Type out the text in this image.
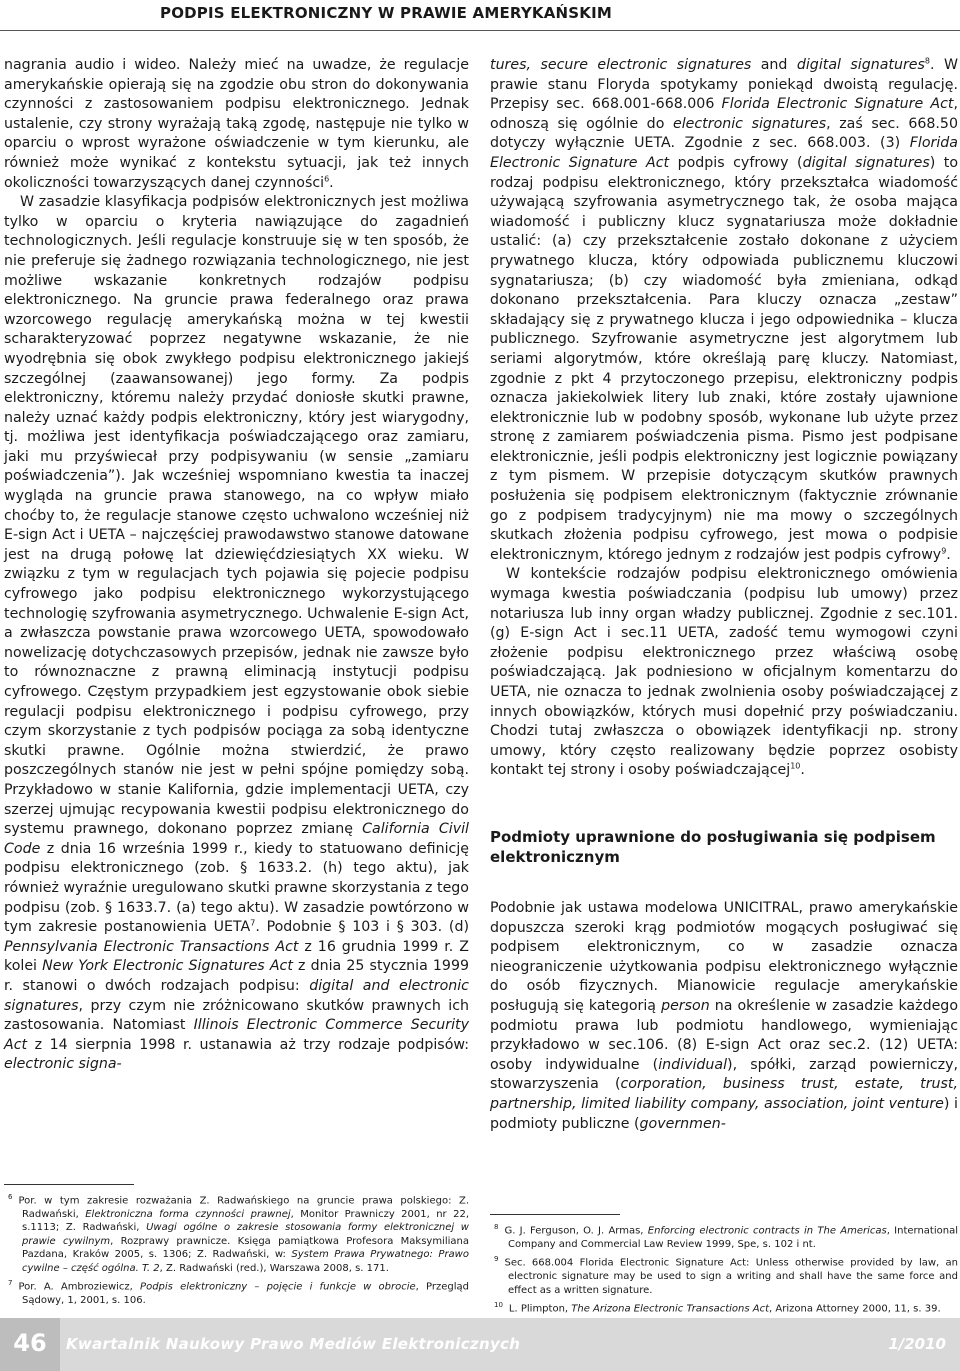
PODPIS ELEKTRONICZNY W PRAWIE AMERYKAŃSKIM

nagrania audio i wideo. Należy mieć na uwadze, że regulacje amerykańskie opierają się na zgodzie obu stron do dokonywania czynności z zastosowaniem podpisu elektronicznego. Jednak ustalenie, czy strony wyrażają taką zgodę, następuje nie tylko w oparciu o wprost wyrażone oświadczenie w tym kierunku, ale również może wynikać z kontekstu sytuacji, jak też innych okoliczności towarzyszących danej czynności$^6$.

W zasadzie klasyfikacja podpisów elektronicznych jest możliwa tylko w oparciu o kryteria nawiązujące do zagadnień technologicznych. Jeśli regulacje konstruuje się w ten sposób, że nie preferuje się żadnego rozwiązania technologicznego, nie jest możliwe wskazanie konkretnych rodzajów podpisu elektronicznego. Na gruncie prawa federalnego oraz prawa wzorcowego regulację amerykańską można w tej kwestii scharakteryzować poprzez negatywne wskazanie, że nie wyodrębnia się obok zwykłego podpisu elektronicznego jakiejś szczególnej (zaawansowanej) jego formy. Za podpis elektroniczny, któremu należy przydać doniosłe skutki prawne, należy uznać każdy podpis elektroniczny, który jest wiarygodny, tj. możliwa jest identyfikacja poświadczającego oraz zamiaru, jaki mu przyświecał przy podpisywaniu (w sensie „zamiaru poświadczenia”). Jak wcześniej wspomniano kwestia ta inaczej wygląda na gruncie prawa stanowego, na co wpływ miało choćby to, że regulacje stanowe często uchwalono wcześniej niż E-sign Act i UETA – najczęściej prawodawstwo stanowe datowane jest na drugą połowę lat dziewięćdziesiątych XX wieku. W związku z tym w regulacjach tych pojawia się pojecie podpisu cyfrowego jako podpisu elektronicznego wykorzystującego technologię szyfrowania asymetrycznego. Uchwalenie E-sign Act, a zwłaszcza powstanie prawa wzorcowego UETA, spowodowało nowelizację dotychczasowych przepisów, jednak nie zawsze było to równoznaczne z prawną eliminacją instytucji podpisu cyfrowego. Częstym przypadkiem jest egzystowanie obok siebie regulacji podpisu elektronicznego i podpisu cyfrowego, przy czym skorzystanie z tych podpisów pociąga za sobą identyczne skutki prawne. Ogólnie można stwierdzić, że prawo poszczególnych stanów nie jest w pełni spójne pomiędzy sobą. Przykładowo w stanie Kalifornia, gdzie implementacji UETA, czy szerzej ujmując recypowania kwestii podpisu elektronicznego do systemu prawnego, dokonano poprzez zmianę California Civil Code z dnia 16 września 1999 r., kiedy to statuowano definicję podpisu elektronicznego (zob. § 1633.2. (h) tego aktu), jak również wyraźnie uregulowano skutki prawne skorzystania z tego podpisu (zob. § 1633.7. (a) tego aktu). W zasadzie powtórzono w tym zakresie postanowienia UETA$^7$. Podobnie § 103 i § 303. (d) Pennsylvania Electronic Transactions Act z 16 grudnia 1999 r. Z kolei New York Electronic Signatures Act z dnia 25 stycznia 1999 r. stanowi o dwóch rodzajach podpisu: digital and electronic signatures, przy czym nie zróżnicowano skutków prawnych ich zastosowania. Natomiast Illinois Electronic Commerce Security Act z 14 sierpnia 1998 r. ustanawia aż trzy rodzaje podpisów: electronic signa-

tures, secure electronic signatures and digital signatures$^8$. W prawie stanu Floryda spotykamy poniekąd dwoistą regulację. Przepisy sec. 668.001-668.006 Florida Electronic Signature Act, odnoszą się ogólnie do electronic signatures, zaś sec. 668.50 dotyczy wyłącznie UETA. Zgodnie z sec. 668.003. (3) Florida Electronic Signature Act podpis cyfrowy (digital signatures) to rodzaj podpisu elektronicznego, który przekształca wiadomość używającą szyfrowania asymetrycznego tak, że osoba mająca wiadomość i publiczny klucz sygnatariusza może dokładnie ustalić: (a) czy przekształcenie zostało dokonane z użyciem prywatnego klucza, który odpowiada publicznemu kluczowi sygnatariusza; (b) czy wiadomość była zmieniana, odkąd dokonano przekształcenia. Para kluczy oznacza „zestaw” składający się z prywatnego klucza i jego odpowiednika – klucza publicznego. Szyfrowanie asymetryczne jest algorytmem lub seriami algorytmów, które określają parę kluczy. Natomiast, zgodnie z pkt 4 przytoczonego przepisu, elektroniczny podpis oznacza jakiekolwiek litery lub znaki, które zostały ujawnione elektronicznie lub w podobny sposób, wykonane lub użyte przez stronę z zamiarem poświadczenia pisma. Pismo jest podpisane elektronicznie, jeśli podpis elektroniczny jest logicznie powiązany z tym pismem. W przepisie dotyczącym skutków prawnych posłużenia się podpisem elektronicznym (faktycznie zrównanie go z podpisem tradycyjnym) nie ma mowy o szczególnych skutkach złożenia podpisu cyfrowego, jest mowa o podpisie elektronicznym, którego jednym z rodzajów jest podpis cyfrowy$^9$.

W kontekście rodzajów podpisu elektronicznego omówienia wymaga kwestia poświadczania (podpisu lub umowy) przez notariusza lub inny organ władzy publicznej. Zgodnie z sec.101. (g) E-sign Act i sec.11 UETA, zadość temu wymogowi czyni złożenie podpisu elektronicznego przez właściwą osobę poświadczającą. Jak podniesiono w oficjalnym komentarzu do UETA, nie oznacza to jednak zwolnienia osoby poświadczającej z innych obowiązków, których musi dopełnić przy poświadczaniu. Chodzi tutaj zwłaszcza o obowiązek identyfikacji np. strony umowy, który często realizowany będzie poprzez osobisty kontakt tej strony i osoby poświadczającej$^{10}$.

Podmioty uprawnione do posługiwania się podpisem elektronicznym

Podobnie jak ustawa modelowa UNICITRAL, prawo amerykańskie dopuszcza szeroki krąg podmiotów mogących posługiwać się podpisem elektronicznym, co w zasadzie oznacza nieograniczenie użytkowania podpisu elektronicznego wyłącznie do osób fizycznych. Mianowicie regulacje amerykańskie posługują się kategorią person na określenie w zasadzie każdego podmiotu prawa lub podmiotu handlowego, wymieniając przykładowo w sec.106. (8) E-sign Act oraz sec.2. (12) UETA: osoby indywidualne (individual), spółki, zarząd powierniczy, stowarzyszenia (corporation, business trust, estate, trust, partnership, limited liability company, association, joint venture) i podmioty publiczne (governmen-

$^6$ Por. w tym zakresie rozważania Z. Radwańskiego na gruncie prawa polskiego: Z. Radwański, Elektroniczna forma czynności prawnej, Monitor Prawniczy 2001, nr 22, s.1113; Z. Radwański, Uwagi ogólne o zakresie stosowania formy elektronicznej w prawie cywilnym, Rozprawy prawnicze. Księga pamiątkowa Profesora Maksymiliana Pazdana, Kraków 2005, s. 1306; Z. Radwański, w: System Prawa Prywatnego: Prawo cywilne – część ogólna. T. 2, Z. Radwański (red.), Warszawa 2008, s. 171.

$^7$ Por. A. Ambroziewicz, Podpis elektroniczny – pojęcie i funkcje w obrocie, Przegląd Sądowy, 1, 2001, s. 106.

$^8$ G. J. Ferguson, O. J. Armas, Enforcing electronic contracts in The Americas, International Company and Commercial Law Review 1999, Spe, s. 102 i nt.

$^9$ Sec. 668.004 Florida Electronic Signature Act: Unless otherwise provided by law, an electronic signature may be used to sign a writing and shall have the same force and effect as a written signature.

$^{10}$ L. Plimpton, The Arizona Electronic Transactions Act, Arizona Attorney 2000, 11, s. 39.

46	Kwartalnik Naukowy Prawo Mediów Elektronicznych	1/2010
